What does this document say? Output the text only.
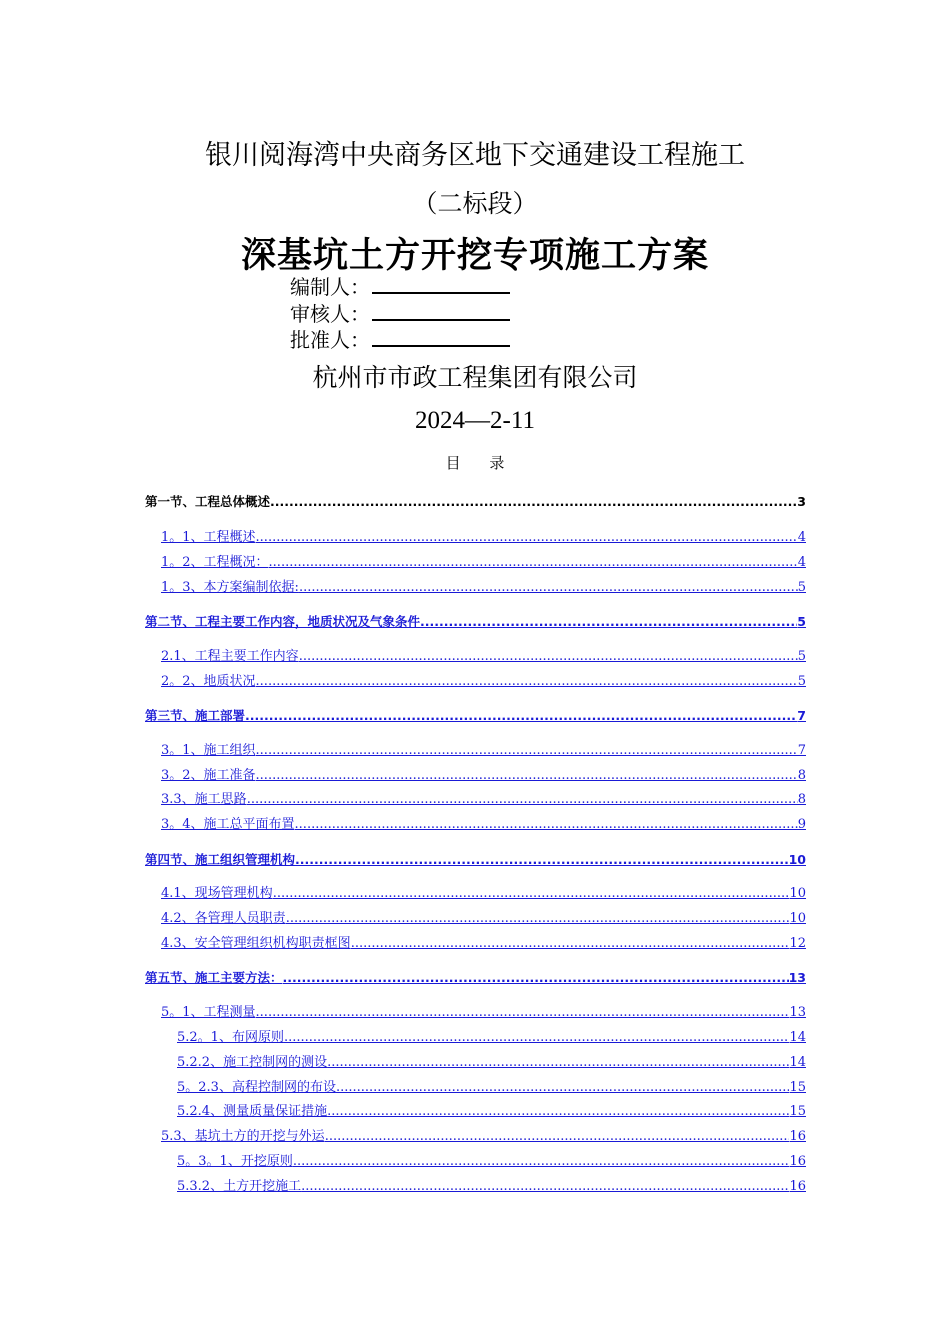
银川阅海湾中央商务区地下交通建设工程施工
（二标段）
深基坑土方开挖专项施工方案
编制人：
审核人：
批准人：
杭州市市政工程集团有限公司
2024—2-11
目 录
第一节、工程总体概述 .....	3
1。1、工程概述 .....	4
1。2、工程概况： .....	4
1。3、本方案编制依据: .....	5
第二节、工程主要工作内容，地质状况及气象条件 .....	5
2.1、工程主要工作内容 .....	5
2。2、地质状况 .....	5
第三节、施工部署 .....	7
3。1、施工组织 .....	7
3。2、施工准备 .....	8
3.3、施工思路 .....	8
3。4、施工总平面布置 .....	9
第四节、施工组织管理机构 .....	10
4.1、现场管理机构 .....	10
4.2、各管理人员职责 .....	10
4.3、安全管理组织机构职责框图 .....	12
第五节、施工主要方法： .....	13
5。1、工程测量 .....	13
5.2。1、布网原则 .....	14
5.2.2、施工控制网的测设 .....	14
5。2.3、高程控制网的布设 .....	15
5.2.4、测量质量保证措施 .....	15
5.3、基坑土方的开挖与外运 .....	16
5。3。1、开挖原则 .....	16
5.3.2、土方开挖施工 .....	16
